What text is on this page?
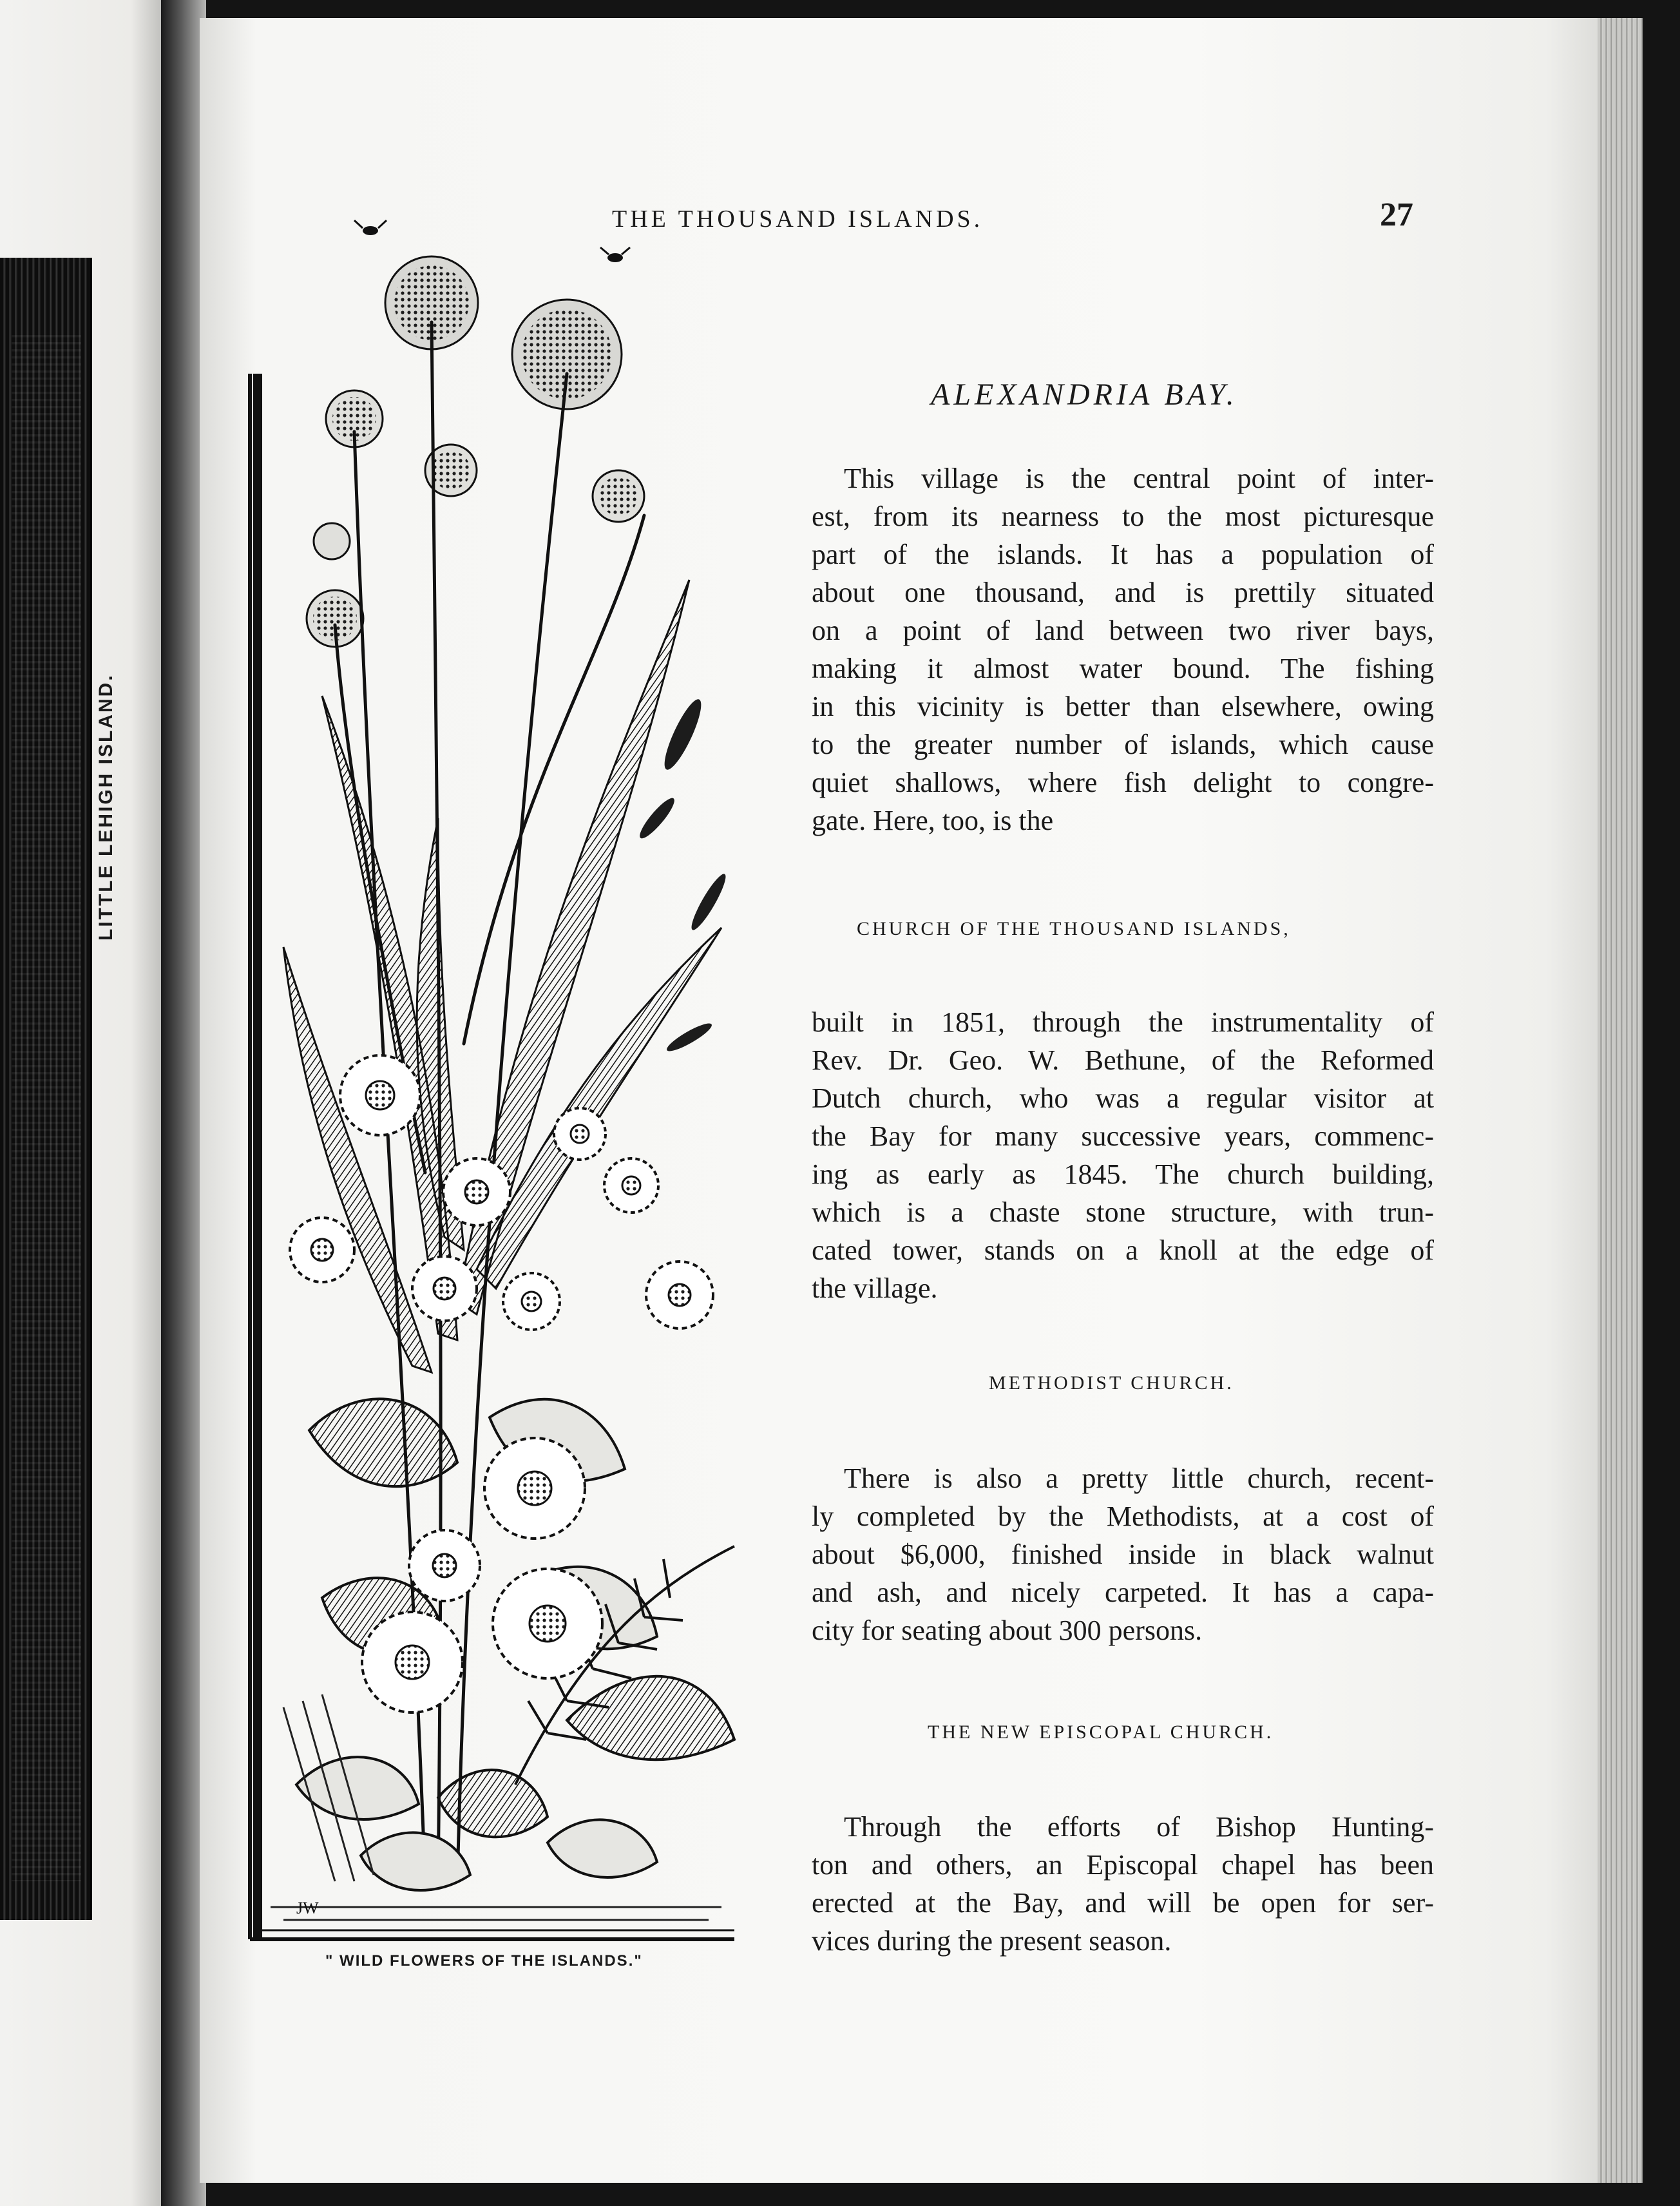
LITTLE LEHIGH ISLAND.
THE THOUSAND ISLANDS.	27
JW
" WILD FLOWERS OF THE ISLANDS."
ALEXANDRIA BAY.
This village is the central point of inter-
est, from its nearness to the most picturesque
part of the islands. It has a population of
about one thousand, and is prettily situated
on a point of land between two river bays,
making it almost water bound. The fishing
in this vicinity is better than elsewhere, owing
to the greater number of islands, which cause
quiet shallows, where fish delight to congre-
gate. Here, too, is the
CHURCH OF THE THOUSAND ISLANDS,
built in 1851, through the instrumentality of
Rev. Dr. Geo. W. Bethune, of the Reformed
Dutch church, who was a regular visitor at
the Bay for many successive years, commenc-
ing as early as 1845. The church building,
which is a chaste stone structure, with trun-
cated tower, stands on a knoll at the edge of
the village.
METHODIST CHURCH.
There is also a pretty little church, recent-
ly completed by the Methodists, at a cost of
about $6,000, finished inside in black walnut
and ash, and nicely carpeted. It has a capa-
city for seating about 300 persons.
THE NEW EPISCOPAL CHURCH.
Through the efforts of Bishop Hunting-
ton and others, an Episcopal chapel has been
erected at the Bay, and will be open for ser-
vices during the present season.
